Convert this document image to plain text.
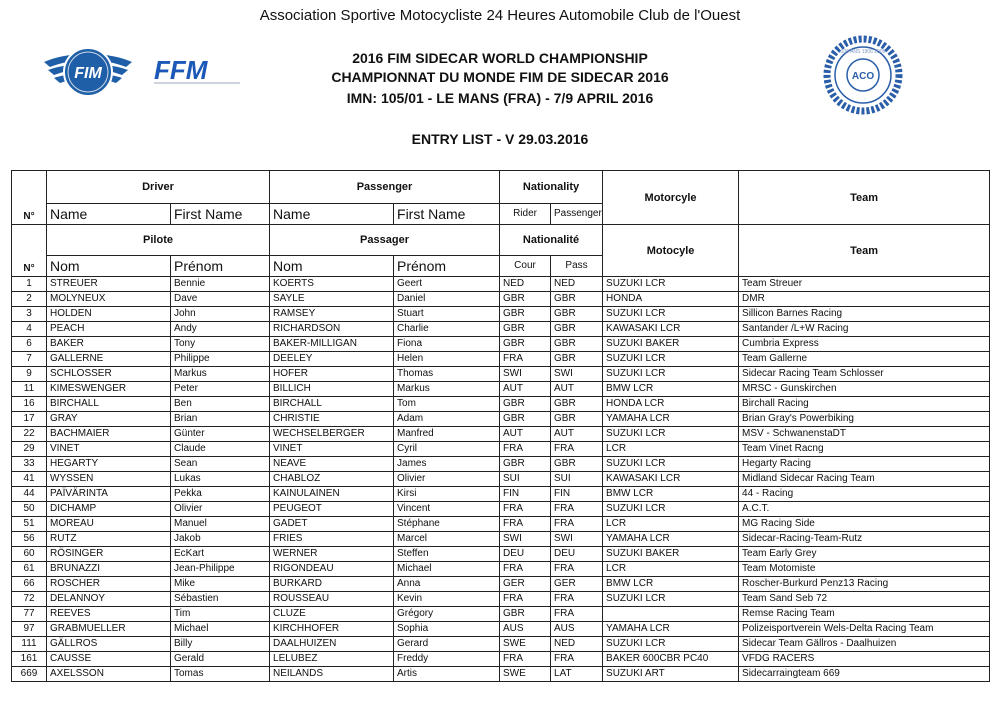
Association Sportive Motocycliste 24 Heures Automobile Club de l'Ouest
FIM FFM	2016 FIM SIDECAR WORLD CHAMPIONSHIP
CHAMPIONNAT DU MONDE FIM DE SIDECAR 2016
IMN: 105/01 - LE MANS (FRA) - 7/9 APRIL 2016
ACO
100 ANS 1906 2006
ENTRY LIST - V 29.03.2016
N°	Driver		Passenger		Nationality		Motorcyle	Team
	Name	First Name	Name	First Name	Rider	Passenger		
N°	Pilote		Passager		Nationalité		Motocyle	Team
	Nom	Prénom	Nom	Prénom	Cour	Pass		
1	STREUER	Bennie	KOERTS	Geert	NED	NED	SUZUKI LCR	Team Streuer
2	MOLYNEUX	Dave	SAYLE	Daniel	GBR	GBR	HONDA	DMR
3	HOLDEN	John	RAMSEY	Stuart	GBR	GBR	SUZUKI LCR	Sillicon Barnes Racing
4	PEACH	Andy	RICHARDSON	Charlie	GBR	GBR	KAWASAKI LCR	Santander /L+W Racing
6	BAKER	Tony	BAKER-MILLIGAN	Fiona	GBR	GBR	SUZUKI BAKER	Cumbria Express
7	GALLERNE	Philippe	DEELEY	Helen	FRA	GBR	SUZUKI LCR	Team Gallerne
9	SCHLOSSER	Markus	HOFER	Thomas	SWI	SWI	SUZUKI LCR	Sidecar Racing Team Schlosser
11	KIMESWENGER	Peter	BILLICH	Markus	AUT	AUT	BMW LCR	MRSC - Gunskirchen
16	BIRCHALL	Ben	BIRCHALL	Tom	GBR	GBR	HONDA LCR	Birchall Racing
17	GRAY	Brian	CHRISTIE	Adam	GBR	GBR	YAMAHA LCR	Brian Gray's Powerbiking
22	BACHMAIER	Günter	WECHSELBERGER	Manfred	AUT	AUT	SUZUKI LCR	MSV - SchwanenstaDT
29	VINET	Claude	VINET	Cyril	FRA	FRA	LCR	Team Vinet Racng
33	HEGARTY	Sean	NEAVE	James	GBR	GBR	SUZUKI LCR	Hegarty Racing
41	WYSSEN	Lukas	CHABLOZ	Olivier	SUI	SUI	KAWASAKI LCR	Midland Sidecar Racing Team
44	PAÏVÄRINTA	Pekka	KAINULAINEN	Kirsi	FIN	FIN	BMW LCR	44 - Racing
50	DICHAMP	Olivier	PEUGEOT	Vincent	FRA	FRA	SUZUKI LCR	A.C.T.
51	MOREAU	Manuel	GADET	Stéphane	FRA	FRA	LCR	MG Racing Side
56	RUTZ	Jakob	FRIES	Marcel	SWI	SWI	YAMAHA LCR	Sidecar-Racing-Team-Rutz
60	RÖSINGER	EcKart	WERNER	Steffen	DEU	DEU	SUZUKI BAKER	Team Early Grey
61	BRUNAZZI	Jean-Philippe	RIGONDEAU	Michael	FRA	FRA	LCR	Team Motomiste
66	ROSCHER	Mike	BURKARD	Anna	GER	GER	BMW LCR	Roscher-Burkurd Penz13 Racing
72	DELANNOY	Sébastien	ROUSSEAU	Kevin	FRA	FRA	SUZUKI LCR	Team Sand Seb 72
77	REEVES	Tim	CLUZE	Grégory	GBR	FRA		Remse Racing Team
97	GRABMUELLER	Michael	KIRCHHOFER	Sophia	AUS	AUS	YAMAHA LCR	Polizeisportverein Wels-Delta Racing Team
111	GÄLLROS	Billy	DAALHUIZEN	Gerard	SWE	NED	SUZUKI LCR	Sidecar Team Gällros - Daalhuizen
161	CAUSSE	Gerald	LELUBEZ	Freddy	FRA	FRA	BAKER 600CBR PC40	VFDG RACERS
669	AXELSSON	Tomas	NEILANDS	Artis	SWE	LAT	SUZUKI ART	Sidecarraingteam 669
